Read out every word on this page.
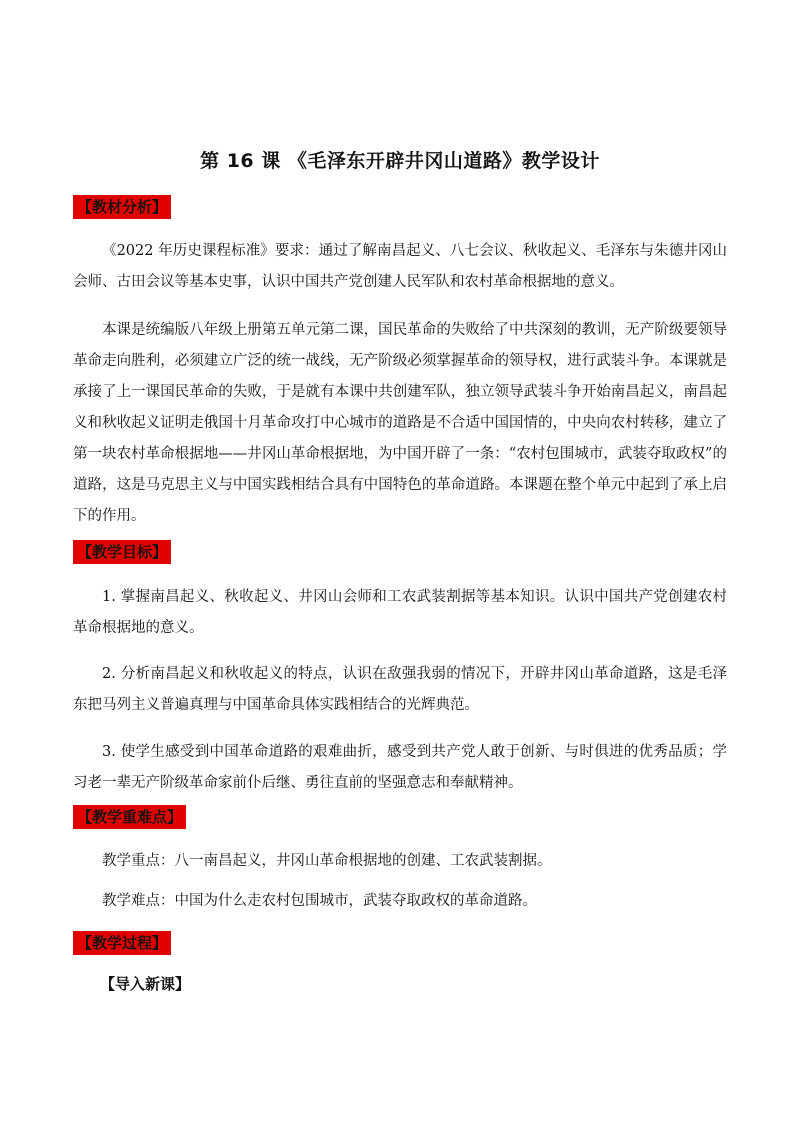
第 16 课 《毛泽东开辟井冈山道路》教学设计
【教材分析】
《2022 年历史课程标准》要求：通过了解南昌起义、八七会议、秋收起义、毛泽东与朱德井冈山会师、古田会议等基本史事，认识中国共产党创建人民军队和农村革命根据地的意义。
本课是统编版八年级上册第五单元第二课，国民革命的失败给了中共深刻的教训，无产阶级要领导革命走向胜利，必须建立广泛的统一战线，无产阶级必须掌握革命的领导权，进行武装斗争。本课就是承接了上一课国民革命的失败，于是就有本课中共创建军队，独立领导武装斗争开始南昌起义，南昌起义和秋收起义证明走俄国十月革命攻打中心城市的道路是不合适中国国情的，中央向农村转移，建立了第一块农村革命根据地——井冈山革命根据地，为中国开辟了一条：“农村包围城市，武装夺取政权”的道路，这是马克思主义与中国实践相结合具有中国特色的革命道路。本课题在整个单元中起到了承上启下的作用。
【教学目标】
1. 掌握南昌起义、秋收起义、井冈山会师和工农武装割据等基本知识。认识中国共产党创建农村革命根据地的意义。
2. 分析南昌起义和秋收起义的特点，认识在敌强我弱的情况下，开辟井冈山革命道路，这是毛泽东把马列主义普遍真理与中国革命具体实践相结合的光辉典范。
3. 使学生感受到中国革命道路的艰难曲折，感受到共产党人敢于创新、与时俱进的优秀品质；学习老一辈无产阶级革命家前仆后继、勇往直前的坚强意志和奉献精神。
【教学重难点】
教学重点：八一南昌起义，井冈山革命根据地的创建、工农武装割据。
教学难点：中国为什么走农村包围城市，武装夺取政权的革命道路。
【教学过程】
【导入新课】
